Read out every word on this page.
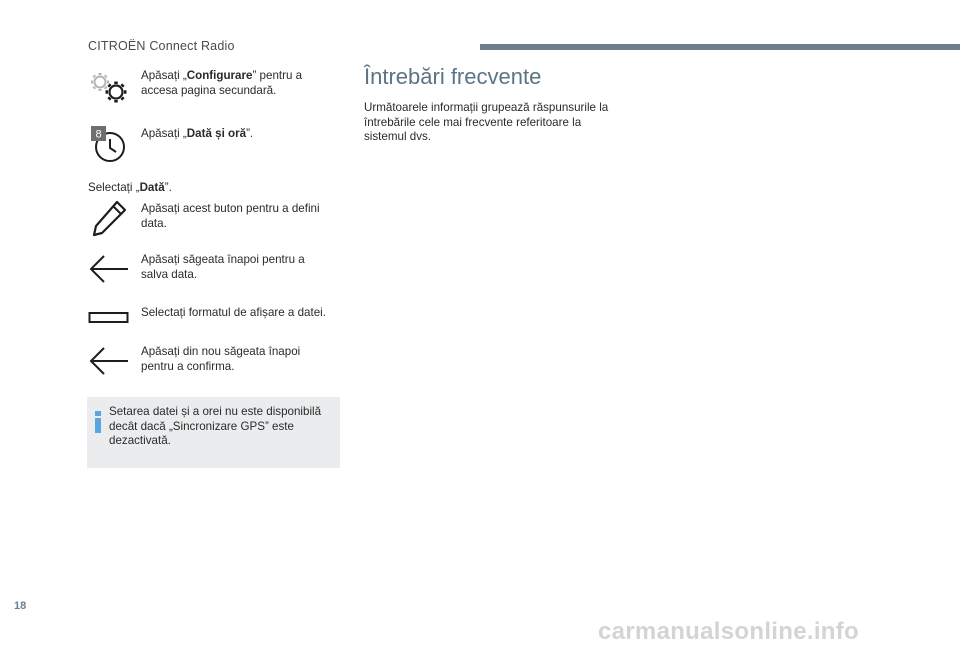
CITROËN Connect Radio
Apăsați „Configurare” pentru a accesa pagina secundară.
8	Apăsați „Dată și oră”.
Selectați „Dată”.
Apăsați acest buton pentru a defini data.
Apăsați săgeata înapoi pentru a salva data.
Selectați formatul de afișare a datei.
Apăsați din nou săgeata înapoi pentru a confirma.
Setarea datei și a orei nu este disponibilă decât dacă „Sincronizare GPS” este dezactivată.
Întrebări frecvente
Următoarele informații grupează răspunsurile la întrebările cele mai frecvente referitoare la sistemul dvs.
18
carmanualsonline.info
